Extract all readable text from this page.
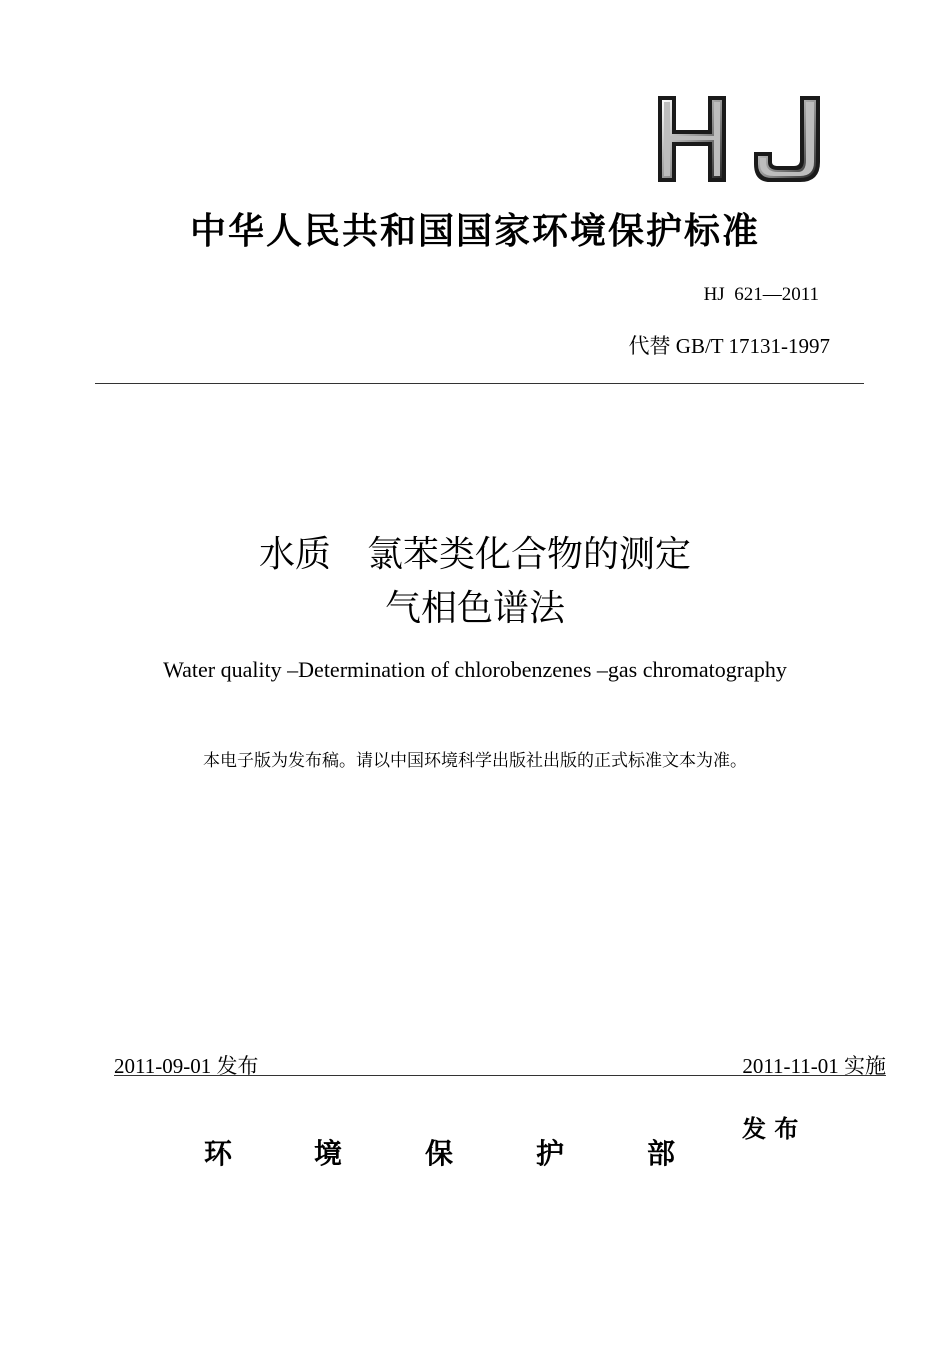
中华人民共和国国家环境保护标准
HJ  621—2011
代替 GB/T 17131-1997
水质　氯苯类化合物的测定
气相色谱法
Water quality –Determination of chlorobenzenes –gas chromatography
本电子版为发布稿。请以中国环境科学出版社出版的正式标准文本为准。
2011-09-01 发布	2011-11-01 实施
环	境	保	护	部
发 布
